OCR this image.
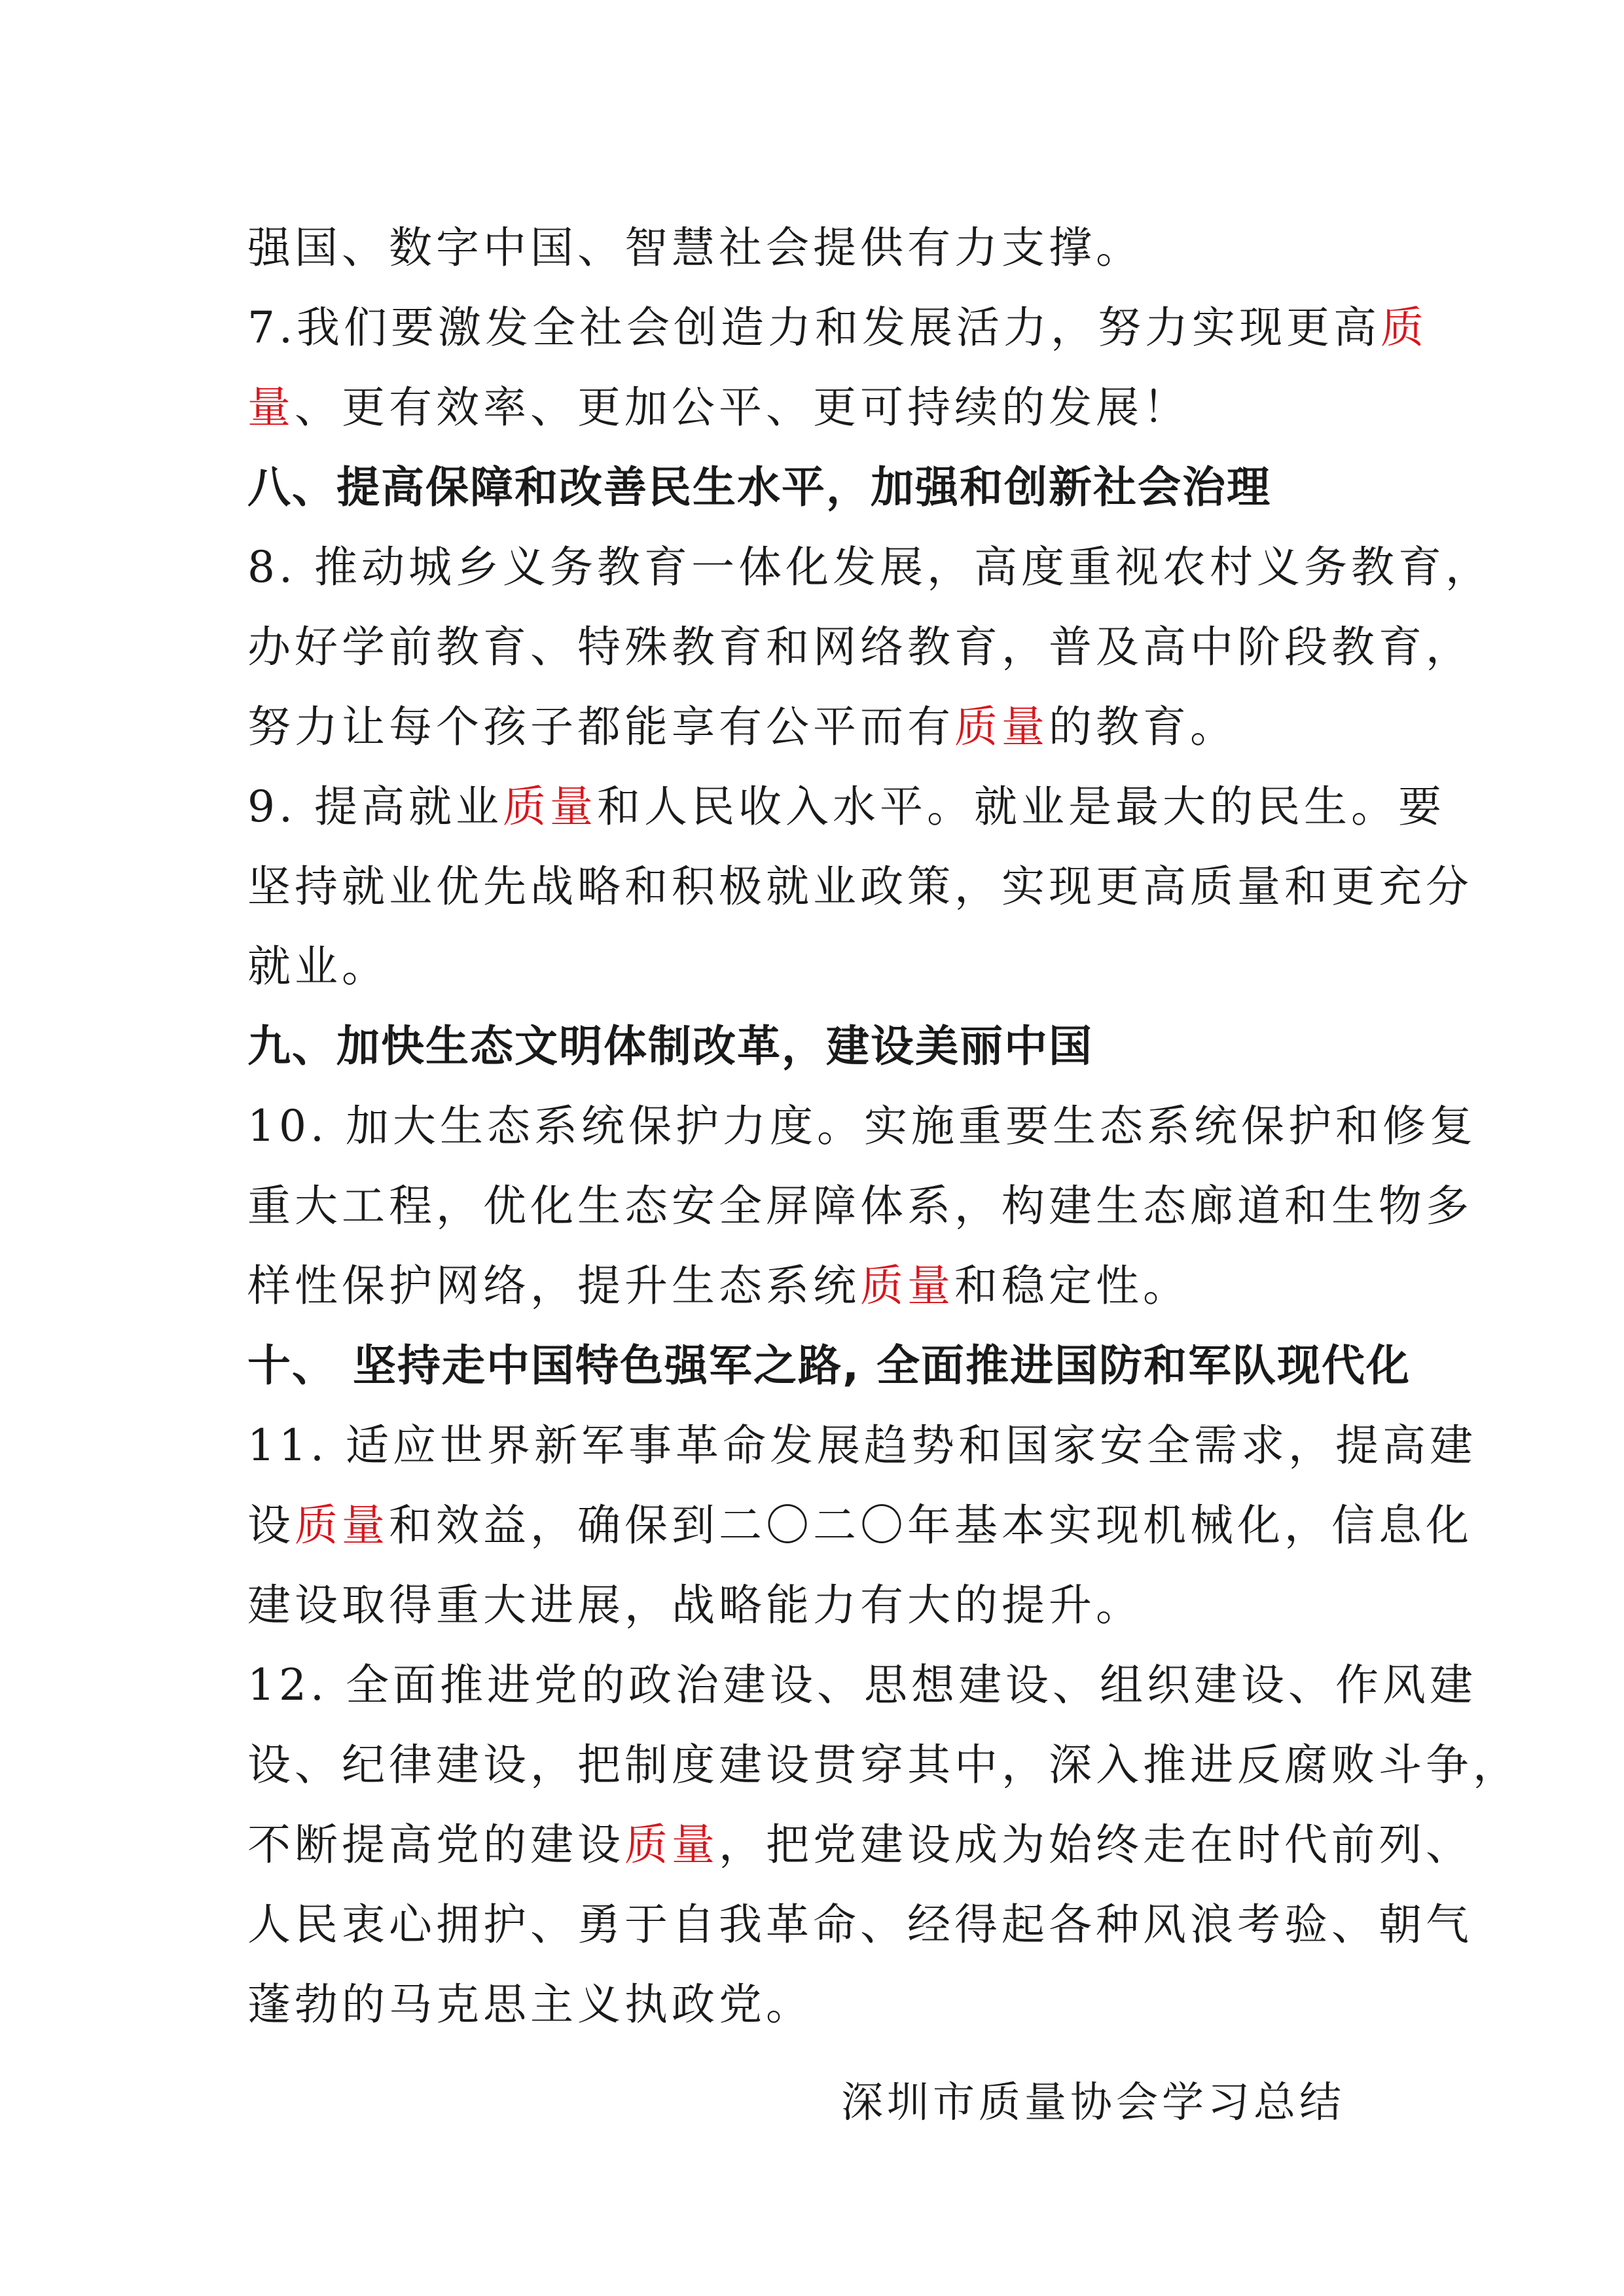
强国、数字中国、智慧社会提供有力支撑。
7.我们要激发全社会创造力和发展活力，努力实现更高质
量、更有效率、更加公平、更可持续的发展！
八、提高保障和改善民生水平，加强和创新社会治理
8. 推动城乡义务教育一体化发展，高度重视农村义务教育，
办好学前教育、特殊教育和网络教育，普及高中阶段教育，
努力让每个孩子都能享有公平而有质量的教育。
9. 提高就业质量和人民收入水平。就业是最大的民生。要
坚持就业优先战略和积极就业政策，实现更高质量和更充分
就业。
九、加快生态文明体制改革，建设美丽中国
10. 加大生态系统保护力度。实施重要生态系统保护和修复
重大工程，优化生态安全屏障体系，构建生态廊道和生物多
样性保护网络，提升生态系统质量和稳定性。
十、 坚持走中国特色强军之路, 全面推进国防和军队现代化
11. 适应世界新军事革命发展趋势和国家安全需求，提高建
设质量和效益，确保到二〇二〇年基本实现机械化，信息化
建设取得重大进展，战略能力有大的提升。
12. 全面推进党的政治建设、思想建设、组织建设、作风建
设、纪律建设，把制度建设贯穿其中，深入推进反腐败斗争，
不断提高党的建设质量，把党建设成为始终走在时代前列、
人民衷心拥护、勇于自我革命、经得起各种风浪考验、朝气
蓬勃的马克思主义执政党。
深圳市质量协会学习总结
